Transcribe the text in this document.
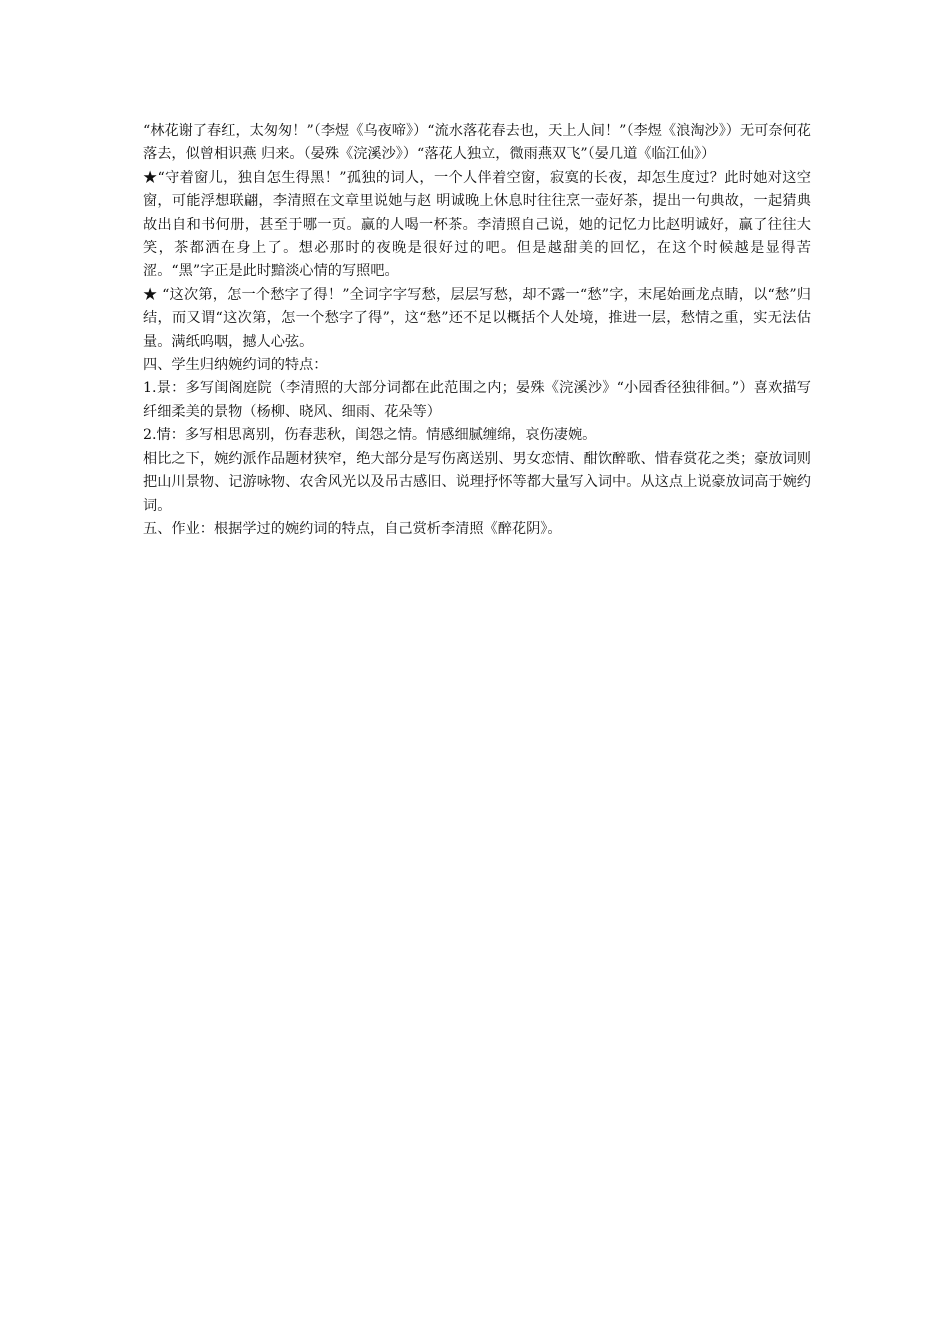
“林花谢了春红，太匆匆！”（李煜《乌夜啼》）“流水落花春去也，天上人间！”（李煜《浪淘沙》）无可奈何花落去，似曾相识燕 归来。（晏殊《浣溪沙》）“落花人独立，微雨燕双飞”（晏几道《临江仙》）

★“守着窗儿，独自怎生得黑！”孤独的词人，一个人伴着空窗，寂寞的长夜，却怎生度过？此时她对这空窗，可能浮想联翩，李清照在文章里说她与赵 明诚晚上休息时往往烹一壶好茶，提出一句典故，一起猜典故出自和书何册，甚至于哪一页。赢的人喝一杯茶。李清照自己说，她的记忆力比赵明诚好，赢了往往大 笑，茶都洒在身上了。想必那时的夜晚是很好过的吧。但是越甜美的回忆，在这个时候越是显得苦涩。“黑”字正是此时黯淡心情的写照吧。

★ “这次第，怎一个愁字了得！”全词字字写愁，层层写愁，却不露一“愁”字，末尾始画龙点睛，以“愁”归结，而又谓“这次第，怎一个愁字了得”，这“愁”还不足以概括个人处境，推进一层，愁情之重，实无法估量。满纸呜咽，撼人心弦。

四、学生归纳婉约词的特点：

1.景：多写闺阁庭院（李清照的大部分词都在此范围之内；晏殊《浣溪沙》“小园香径独徘徊。”）喜欢描写纤细柔美的景物（杨柳、晓风、细雨、花朵等）

2.情：多写相思离别，伤春悲秋，闺怨之情。情感细腻缠绵，哀伤凄婉。

相比之下，婉约派作品题材狭窄，绝大部分是写伤离送别、男女恋情、酣饮醉歌、惜春赏花之类；豪放词则把山川景物、记游咏物、农舍风光以及吊古感旧、说理抒怀等都大量写入词中。从这点上说豪放词高于婉约词。

五、作业：根据学过的婉约词的特点，自己赏析李清照《醉花阴》。
